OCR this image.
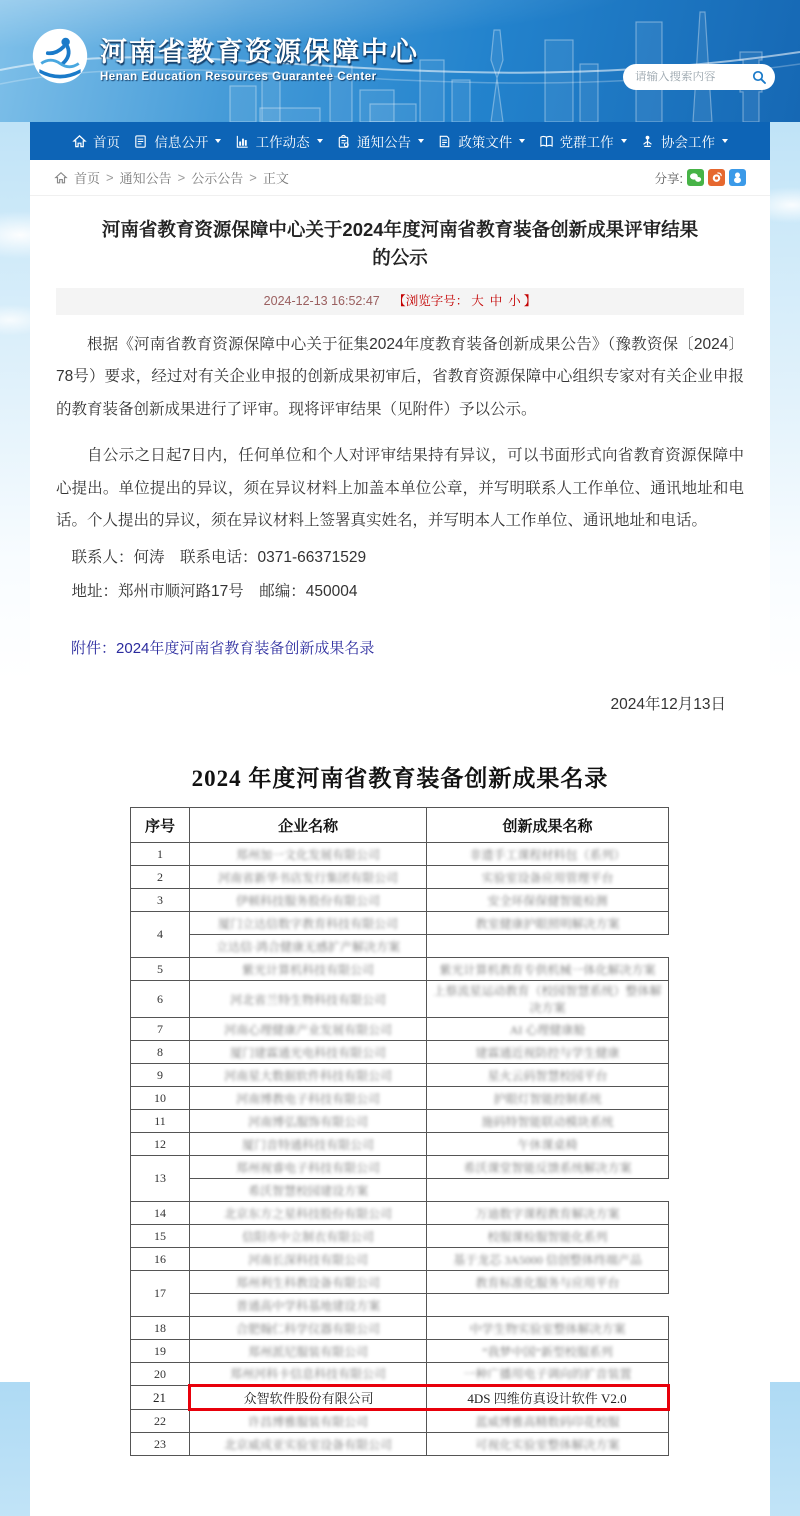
河南省教育资源保障中心
Henan Education Resources Guarantee Center
请输入搜索内容
首页	信息公开	工作动态	通知公告	政策文件	党群工作	协会工作
首页 > 通知公告 > 公示公告 > 正文	分享:
河南省教育资源保障中心关于2024年度河南省教育装备创新成果评审结果的公示
2024-12-13 16:52:47 【浏览字号： 大 中 小 】

根据《河南省教育资源保障中心关于征集2024年度教育装备创新成果公告》（豫教资保〔2024〕78号）要求，经过对有关企业申报的创新成果初审后，省教育资源保障中心组织专家对有关企业申报的教育装备创新成果进行了评审。现将评审结果（见附件）予以公示。

自公示之日起7日内，任何单位和个人对评审结果持有异议，可以书面形式向省教育资源保障中心提出。单位提出的异议，须在异议材料上加盖本单位公章，并写明联系人工作单位、通讯地址和电话。个人提出的异议，须在异议材料上签署真实姓名，并写明本人工作单位、通讯地址和电话。

联系人：何涛　联系电话：0371-66371529

地址：郑州市顺河路17号　邮编：450004

附件：2024年度河南省教育装备创新成果名录

2024年12月13日

2024 年度河南省教育装备创新成果名录
序号	企业名称	创新成果名称
1	郑州加一文化发展有限公司	非遗手工课程材料包（系列）
2	河南省新华书店发行集团有限公司	实验室设备应用管理平台
3	伊顿科技服务股份有限公司	安全环保保健智能检测
4	厦门立达信数字教育科技有限公司	教室健康护眼照明解决方案
	立达信·鸿合健康无感扩产解决方案	
5	紫光计算机科技有限公司	紫光计算机教育专供机械一体化解决方案
6	河北省兰特生物科技有限公司	上蔡流星运动教育（校园智慧系统）整体解决方案
7	河南心理健康产业发展有限公司	AI 心理健康舱
8	厦门建霖通光电科技有限公司	建霖通近视防控与学生健康
9	河南星大数据软件科技有限公司	星火云码智慧校园平台
10	河南博教电子科技有限公司	护眼灯智能控制系统
11	河南博弘服饰有限公司	施码特智能联动模块系统
12	厦门音特通科技有限公司	午休课桌椅
13	郑州视睿电子科技有限公司	希沃课堂智能反馈系统解决方案
	希沃智慧校园建设方案	
14	北京东方之星科技股份有限公司	万迪数字课程教育解决方案
15	信阳市中立制衣有限公司	校服课检服智能化系列
16	河南长深科技有限公司	基于龙芯 3A5000 信创整体终端产品
17	郑州利生科教设备有限公司	教育标准化服务与应用平台
	普通高中学科基地建设方案	
18	合肥翰仁科学仪器有限公司	中学生物实验室整体解决方案
19	郑州派尼服装有限公司	“我梦中国”新型校服系列
20	郑州河科卡信息科技有限公司	一种广播用电子调向的扩音装置
21	众智软件股份有限公司	4DS 四维仿真设计软件 V2.0
22	许昌博雅服装有限公司	蓝威博雅高精数码印花校服
23	北京威成亚实验室设备有限公司	可视化实验室整体解决方案
